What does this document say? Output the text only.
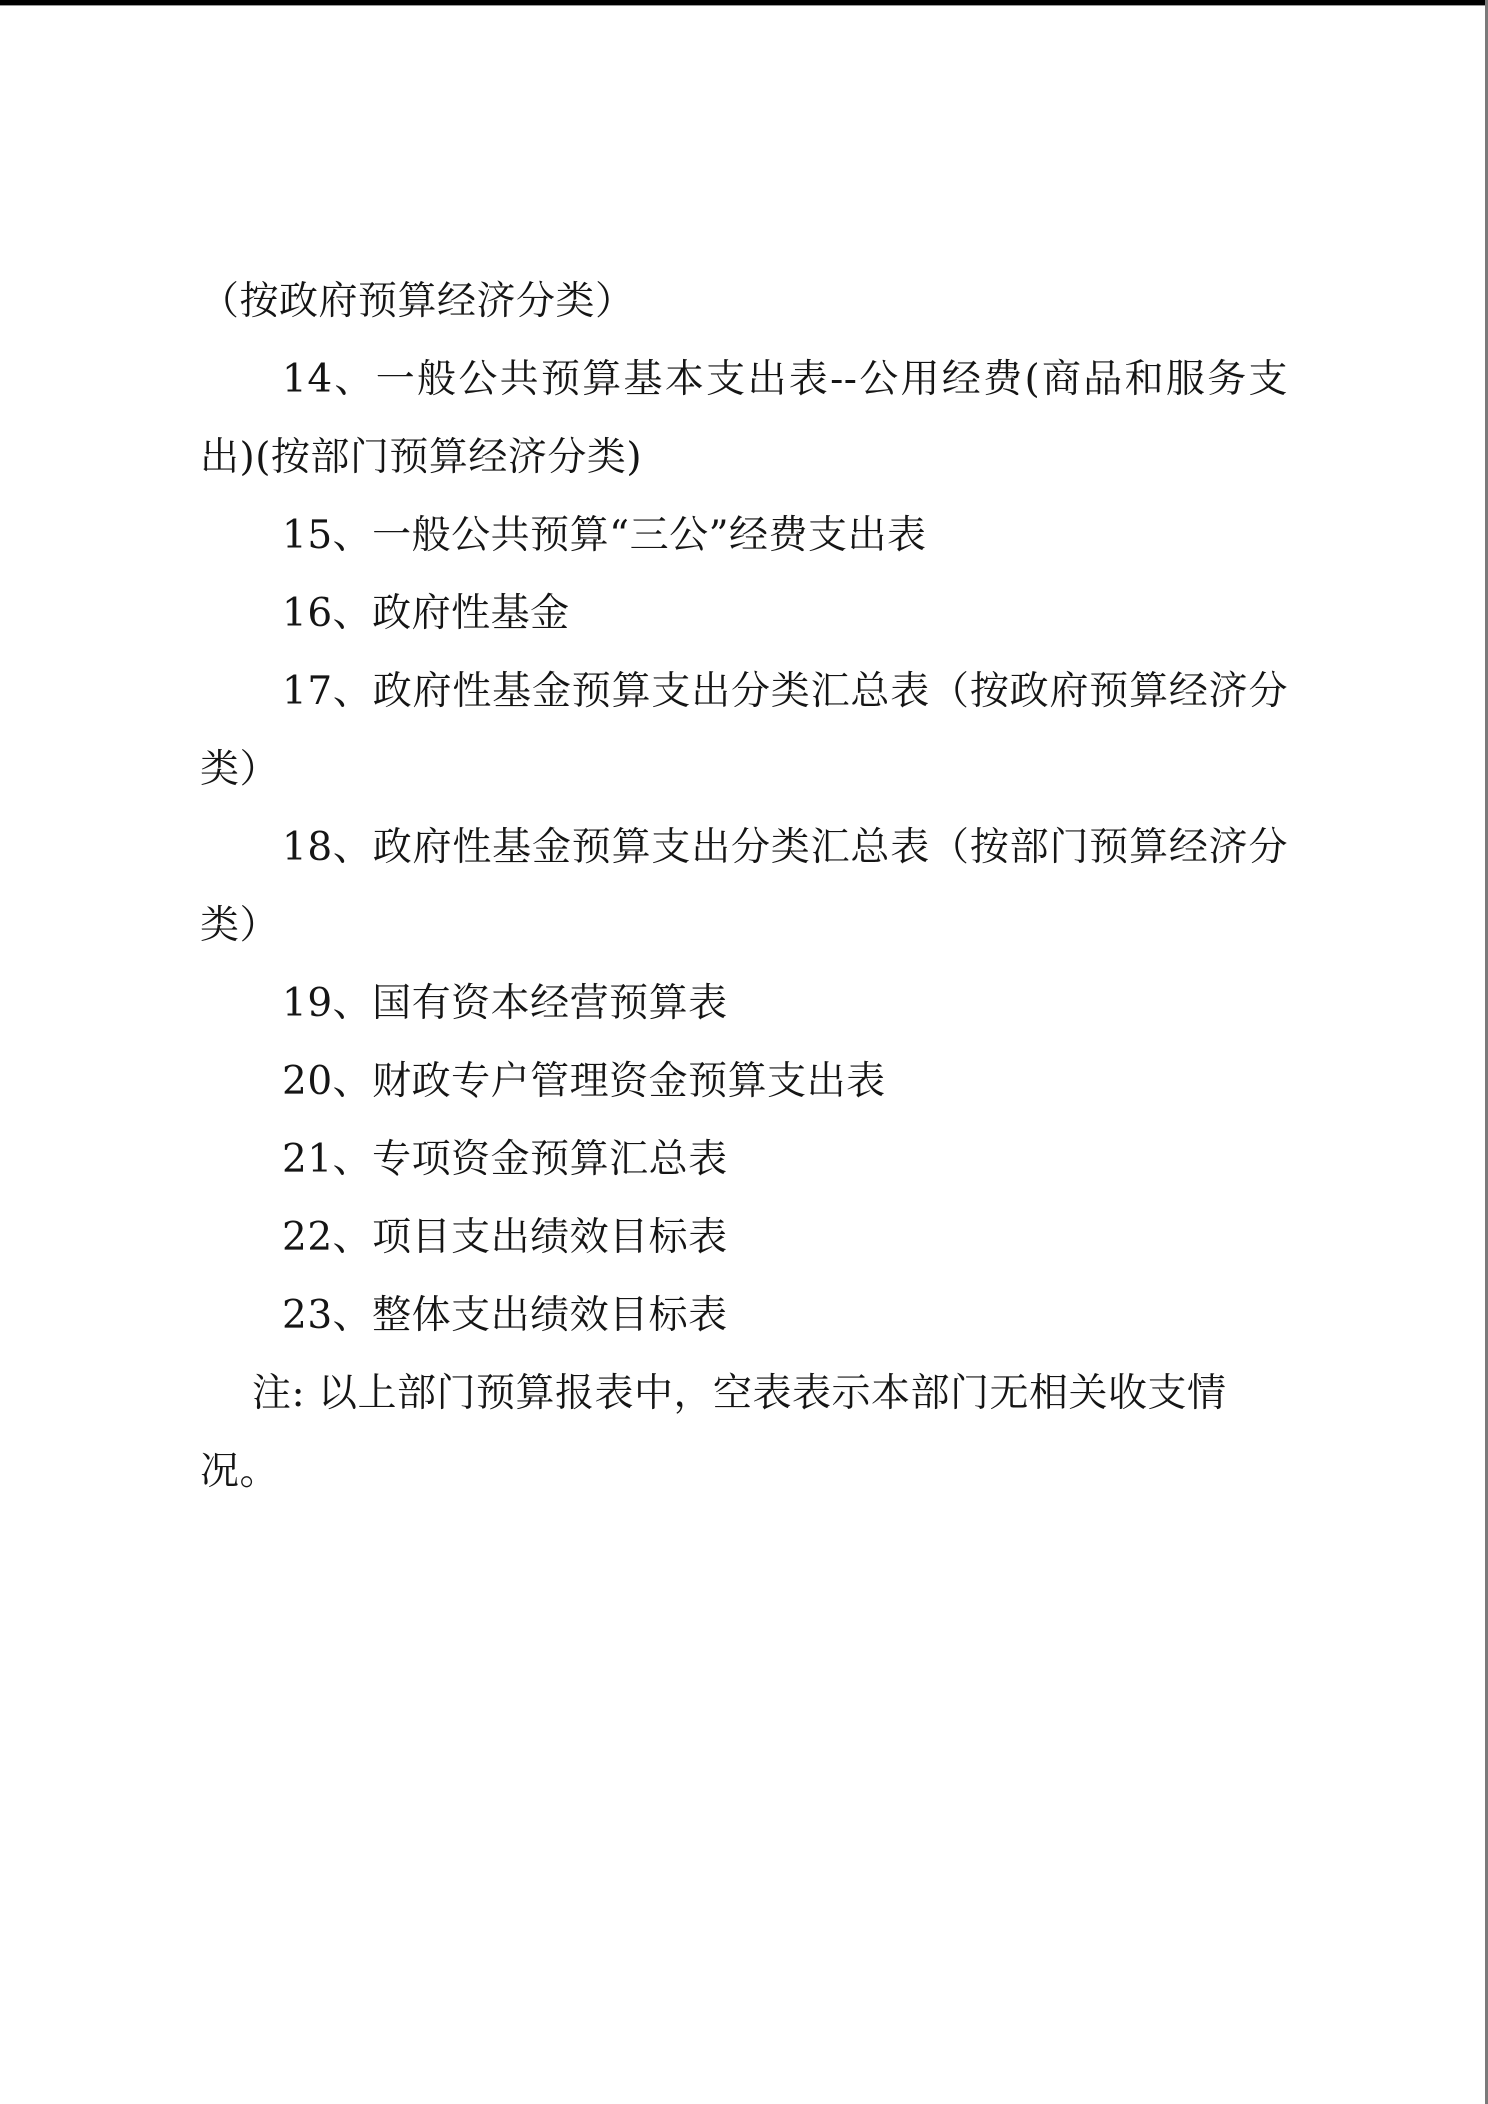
（按政府预算经济分类）
14、一般公共预算基本支出表--公用经费(商品和服务支
出)(按部门预算经济分类)
15、一般公共预算“三公”经费支出表
16、政府性基金
17、政府性基金预算支出分类汇总表（按政府预算经济分
类）
18、政府性基金预算支出分类汇总表（按部门预算经济分
类）
19、国有资本经营预算表
20、财政专户管理资金预算支出表
21、专项资金预算汇总表
22、项目支出绩效目标表
23、整体支出绩效目标表
注: 以上部门预算报表中，空表表示本部门无相关收支情况。
